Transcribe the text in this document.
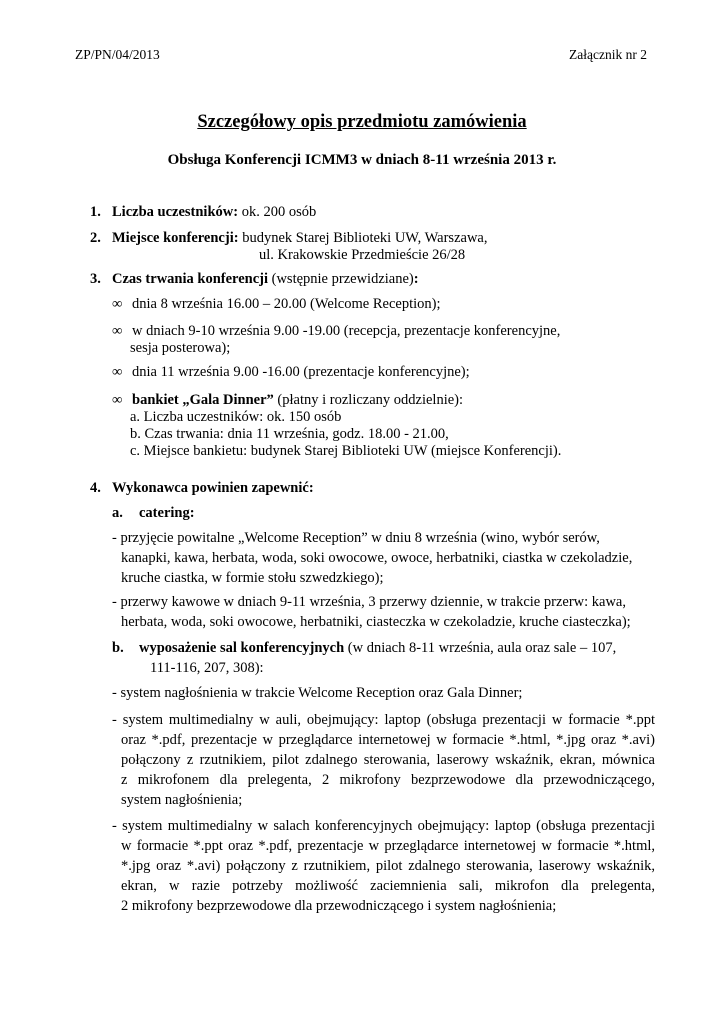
ZP/PN/04/2013	Załącznik nr 2
Szczegółowy opis przedmiotu zamówienia
Obsługa Konferencji ICMM3 w dniach 8-11 września 2013 r.
1. Liczba uczestników: ok. 200 osób
2. Miejsce konferencji: budynek Starej Biblioteki UW, Warszawa,
ul. Krakowskie Przedmieście 26/28
3. Czas trwania konferencji (wstępnie przewidziane):
∞ dnia 8 września 16.00 – 20.00 (Welcome Reception);
∞ w dniach 9-10 września 9.00 -19.00 (recepcja, prezentacje konferencyjne,
sesja posterowa);
∞ dnia 11 września 9.00 -16.00 (prezentacje konferencyjne);
∞ bankiet „Gala Dinner” (płatny i rozliczany oddzielnie):
a. Liczba uczestników: ok. 150 osób
b. Czas trwania: dnia 11 września, godz. 18.00 - 21.00,
c. Miejsce bankietu: budynek Starej Biblioteki UW (miejsce Konferencji).
4. Wykonawca powinien zapewnić:
a. catering:
- przyjęcie powitalne „Welcome Reception” w dniu 8 września (wino, wybór serów,
kanapki, kawa, herbata, woda, soki owocowe, owoce, herbatniki, ciastka w czekoladzie,
kruche ciastka, w formie stołu szwedzkiego);
- przerwy kawowe w dniach 9-11 września, 3 przerwy dziennie, w trakcie przerw: kawa,
herbata, woda, soki owocowe, herbatniki, ciasteczka w czekoladzie, kruche ciasteczka);
b. wyposażenie sal konferencyjnych (w dniach 8-11 września, aula oraz sale – 107,
111-116, 207, 308):
- system nagłośnienia w trakcie Welcome Reception oraz Gala Dinner;
- system multimedialny w auli, obejmujący: laptop (obsługa prezentacji w formacie *.ppt
oraz *.pdf, prezentacje w przeglądarce internetowej w formacie *.html, *.jpg oraz *.avi)
połączony z rzutnikiem, pilot zdalnego sterowania, laserowy wskaźnik, ekran, mównica
z mikrofonem dla prelegenta, 2 mikrofony bezprzewodowe dla przewodniczącego,
system nagłośnienia;
- system multimedialny w salach konferencyjnych obejmujący: laptop (obsługa prezentacji
w formacie *.ppt oraz *.pdf, prezentacje w przeglądarce internetowej w formacie *.html,
*.jpg oraz *.avi) połączony z rzutnikiem, pilot zdalnego sterowania, laserowy wskaźnik,
ekran, w razie potrzeby możliwość zaciemnienia sali, mikrofon dla prelegenta,
2 mikrofony bezprzewodowe dla przewodniczącego i system nagłośnienia;
